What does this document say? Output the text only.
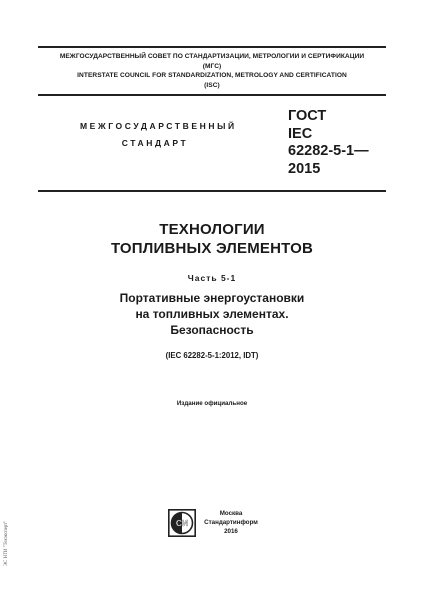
МЕЖГОСУДАРСТВЕННЫЙ СОВЕТ ПО СТАНДАРТИЗАЦИИ, МЕТРОЛОГИИ И СЕРТИФИКАЦИИ
(МГС)
INTERSTATE COUNCIL FOR STANDARDIZATION, METROLOGY AND CERTIFICATION
(ISC)
МЕЖГОСУДАРСТВЕННЫЙ
СТАНДАРТ
ГОСТ
IEC
62282-5-1—
2015
ТЕХНОЛОГИИ
ТОПЛИВНЫХ ЭЛЕМЕНТОВ
Часть 5-1
Портативные энергоустановки
на топливных элементах.
Безопасность
(IEC 62282-5-1:2012, IDT)
Издание официальное
СИ
Москва
Стандартинформ
2016
ЭС НТИ "Техэксперт"
